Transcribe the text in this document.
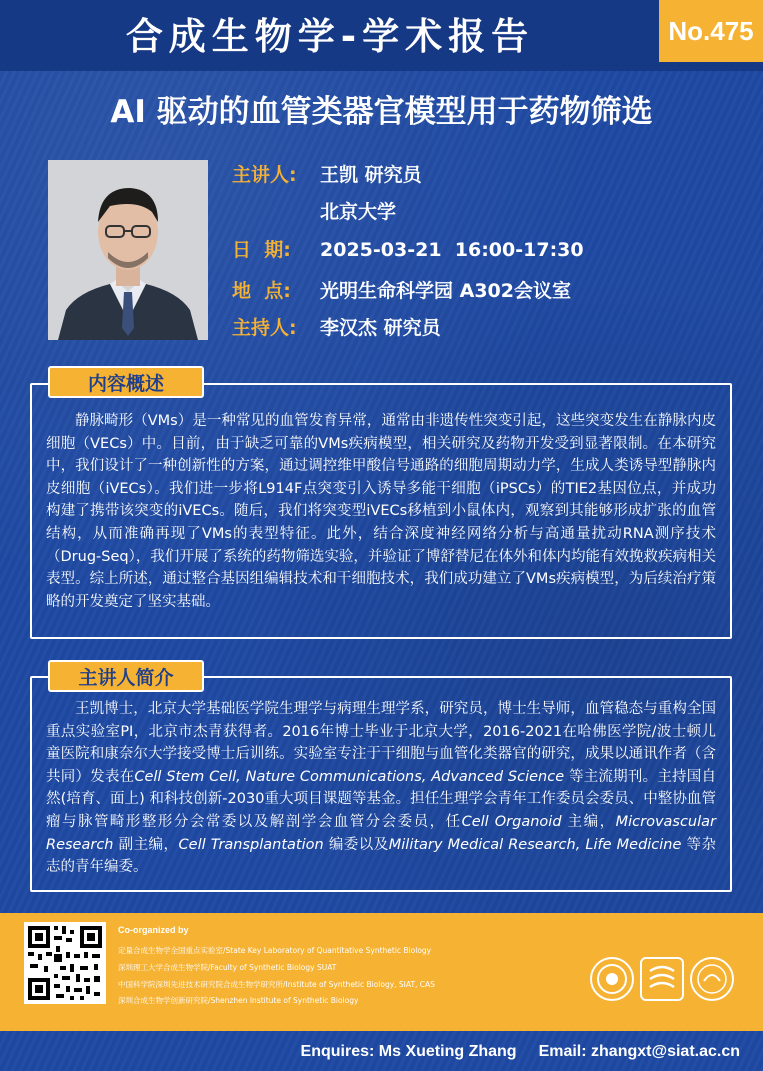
合成生物学-学术报告	No.475
AI 驱动的血管类器官模型用于药物筛选
主讲人: 王凯 研究员
北京大学
日  期: 2025-03-21  16:00-17:30
地  点: 光明生命科学园 A302会议室
主持人: 李汉杰 研究员
静脉畸形（VMs）是一种常见的血管发育异常，通常由非遗传性突变引起，这些突变发生在静脉内皮细胞（VECs）中。目前，由于缺乏可靠的VMs疾病模型，相关研究及药物开发受到显著限制。在本研究中，我们设计了一种创新性的方案，通过调控维甲酸信号通路的细胞周期动力学，生成人类诱导型静脉内皮细胞（iVECs）。我们进一步将L914F点突变引入诱导多能干细胞（iPSCs）的TIE2基因位点，并成功构建了携带该突变的iVECs。随后，我们将突变型iVECs移植到小鼠体内，观察到其能够形成扩张的血管结构，从而准确再现了VMs的表型特征。此外，结合深度神经网络分析与高通量扰动RNA测序技术（Drug-Seq），我们开展了系统的药物筛选实验，并验证了博舒替尼在体外和体内均能有效挽救疾病相关表型。综上所述，通过整合基因组编辑技术和干细胞技术，我们成功建立了VMs疾病模型，为后续治疗策略的开发奠定了坚实基础。
内容概述
王凯博士，北京大学基础医学院生理学与病理生理学系，研究员，博士生导师，血管稳态与重构全国重点实验室PI，北京市杰青获得者。2016年博士毕业于北京大学，2016-2021在哈佛医学院/波士顿儿童医院和康奈尔大学接受博士后训练。实验室专注于干细胞与血管化类器官的研究，成果以通讯作者（含共同）发表在Cell Stem Cell, Nature Communications, Advanced Science 等主流期刊。主持国自然(培育、面上) 和科技创新-2030重大项目课题等基金。担任生理学会青年工作委员会委员、中整协血管瘤与脉管畸形整形分会常委以及解剖学会血管分会委员，任Cell Organoid 主编，Microvascular Research 副主编，Cell Transplantation 编委以及Military Medical Research, Life Medicine 等杂志的青年编委。
主讲人简介
Co-organized by
定量合成生物学全国重点实验室/State Key Laboratory of Quantitative Synthetic Biology
深圳理工大学合成生物学院/Faculty of Synthetic Biology SUAT
中国科学院深圳先进技术研究院合成生物学研究所/Institute of Synthetic Biology, SIAT, CAS
深圳合成生物学创新研究院/Shenzhen Institute of Synthetic Biology
Enquires: Ms Xueting Zhang Email: zhangxt@siat.ac.cn
